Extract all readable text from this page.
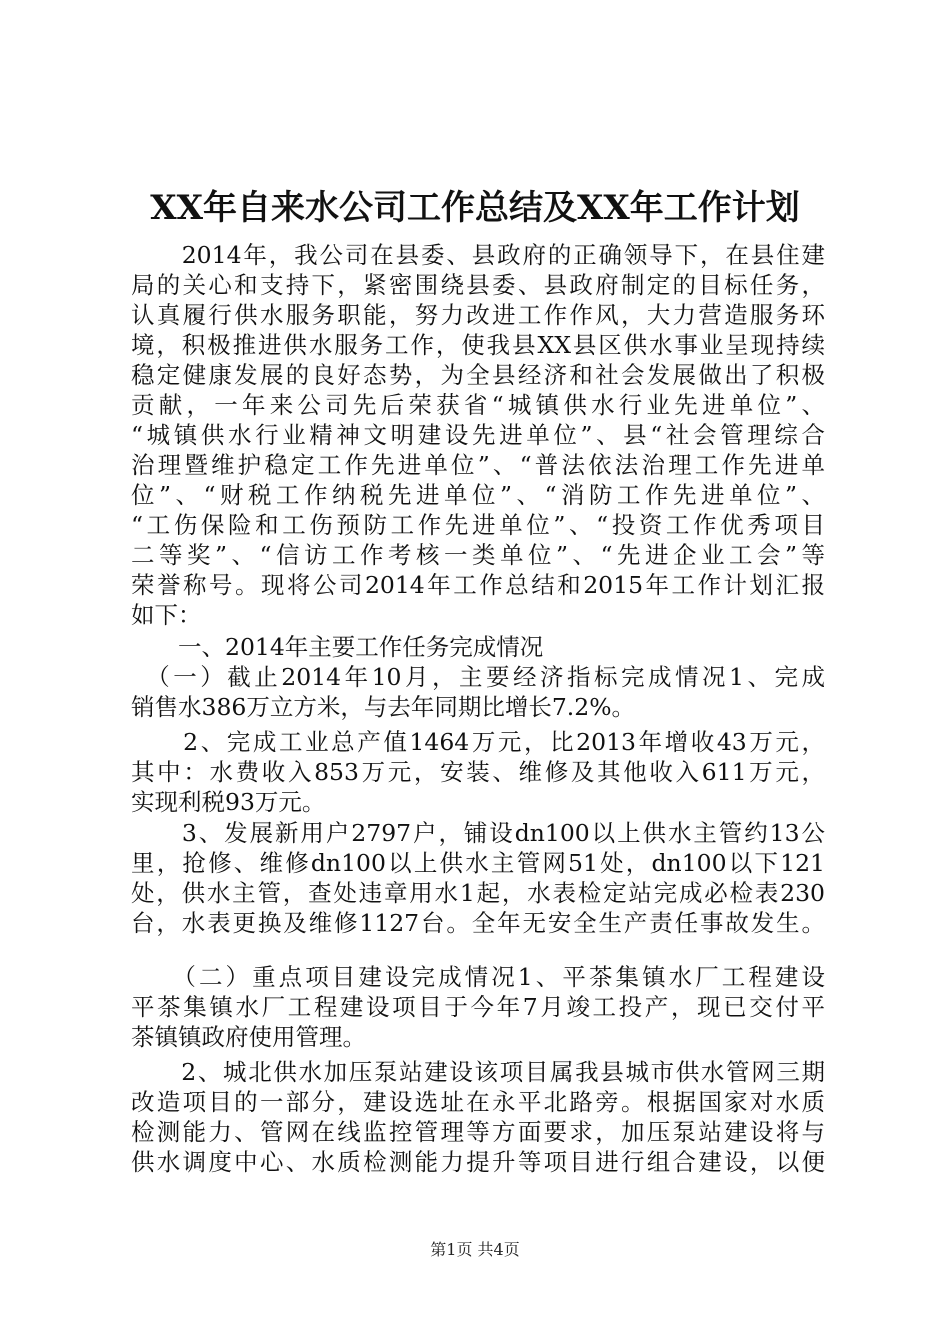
XX年自来水公司工作总结及XX年工作计划
　　2014年，我公司在县委、县政府的正确领导下，在县住建
局的关心和支持下，紧密围绕县委、县政府制定的目标任务，
认真履行供水服务职能，努力改进工作作风，大力营造服务环
境，积极推进供水服务工作，使我县XX县区供水事业呈现持续
稳定健康发展的良好态势，为全县经济和社会发展做出了积极
贡献，一年来公司先后荣获省“城镇供水行业先进单位”、
“城镇供水行业精神文明建设先进单位”、县“社会管理综合
治理暨维护稳定工作先进单位”、“普法依法治理工作先进单
位”、“财税工作纳税先进单位”、“消防工作先进单位”、
“工伤保险和工伤预防工作先进单位”、“投资工作优秀项目
二等奖”、“信访工作考核一类单位”、“先进企业工会”等
荣誉称号。现将公司2014年工作总结和2015年工作计划汇报
如下：
　　一、2014年主要工作任务完成情况
　（一）截止2014年10月，主要经济指标完成情况1、完成
销售水386万立方米，与去年同期比增长7.2%。
　　2、完成工业总产值1464万元，比2013年增收43万元，
其中：水费收入853万元，安装、维修及其他收入611万元，
实现利税93万元。
　　3、发展新用户2797户，铺设dn100以上供水主管约13公
里，抢修、维修dn100以上供水主管网51处，dn100以下121
处，供水主管，查处违章用水1起，水表检定站完成必检表230
台，水表更换及维修1127台。全年无安全生产责任事故发生。
　　（二）重点项目建设完成情况1、平茶集镇水厂工程建设
平茶集镇水厂工程建设项目于今年7月竣工投产，现已交付平
茶镇镇政府使用管理。
　　2、城北供水加压泵站建设该项目属我县城市供水管网三期
改造项目的一部分，建设选址在永平北路旁。根据国家对水质
检测能力、管网在线监控管理等方面要求，加压泵站建设将与
供水调度中心、水质检测能力提升等项目进行组合建设，以便
第1页 共4页
